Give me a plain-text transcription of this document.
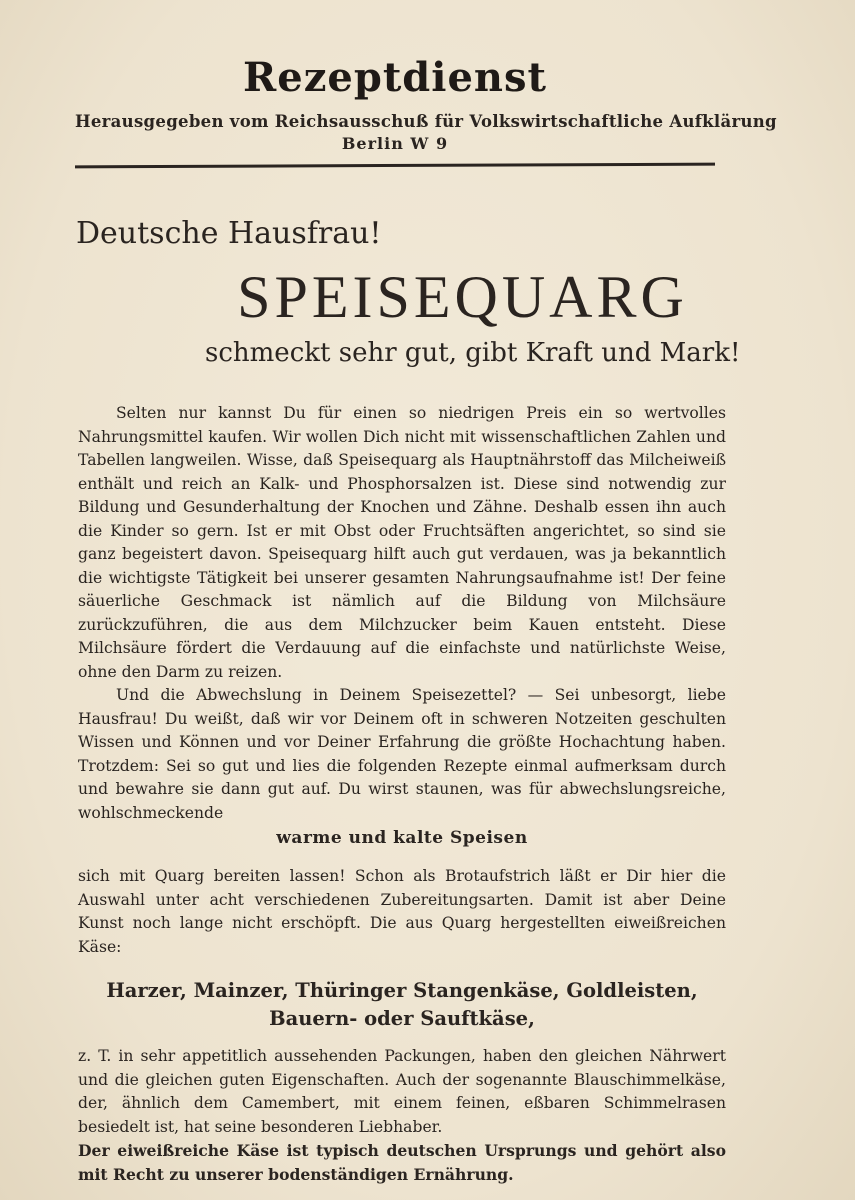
Rezeptdienst
Herausgegeben vom Reichsausschuß für Volkswirtschaftliche Aufklärung
Berlin W 9
Deutsche Hausfrau!
SPEISEQUARG
schmeckt sehr gut, gibt Kraft und Mark!

Selten nur kannst Du für einen so niedrigen Preis ein so wertvolles Nahrungsmittel kaufen. Wir wollen Dich nicht mit wissenschaftlichen Zahlen und Tabellen langweilen. Wisse, daß Speisequarg als Hauptnährstoff das Milcheiweiß enthält und reich an Kalk- und Phosphorsalzen ist. Diese sind notwendig zur Bildung und Gesunderhaltung der Knochen und Zähne. Deshalb essen ihn auch die Kinder so gern. Ist er mit Obst oder Fruchtsäften angerichtet, so sind sie ganz begeistert davon. Speisequarg hilft auch gut verdauen, was ja bekanntlich die wichtigste Tätigkeit bei unserer gesamten Nahrungsaufnahme ist! Der feine säuerliche Geschmack ist nämlich auf die Bildung von Milchsäure zurückzuführen, die aus dem Milchzucker beim Kauen entsteht. Diese Milchsäure fördert die Verdauung auf die einfachste und natürlichste Weise, ohne den Darm zu reizen.

Und die Abwechslung in Deinem Speisezettel? — Sei unbesorgt, liebe Hausfrau! Du weißt, daß wir vor Deinem oft in schweren Notzeiten geschulten Wissen und Können und vor Deiner Erfahrung die größte Hochachtung haben. Trotzdem: Sei so gut und lies die folgenden Rezepte einmal aufmerksam durch und bewahre sie dann gut auf. Du wirst staunen, was für abwechslungsreiche, wohlschmeckende

warme und kalte Speisen

sich mit Quarg bereiten lassen! Schon als Brotaufstrich läßt er Dir hier die Auswahl unter acht verschiedenen Zubereitungsarten. Damit ist aber Deine Kunst noch lange nicht erschöpft. Die aus Quarg hergestellten eiweißreichen Käse:

Harzer, Mainzer, Thüringer Stangenkäse, Goldleisten,
Bauern- oder Sauftkäse,

z. T. in sehr appetitlich aussehenden Packungen, haben den gleichen Nährwert und die gleichen guten Eigenschaften. Auch der sogenannte Blauschimmelkäse, der, ähnlich dem Camembert, mit einem feinen, eßbaren Schimmelrasen besiedelt ist, hat seine besonderen Liebhaber.

Der eiweißreiche Käse ist typisch deutschen Ursprungs und gehört also mit Recht zu unserer bodenständigen Ernährung.
